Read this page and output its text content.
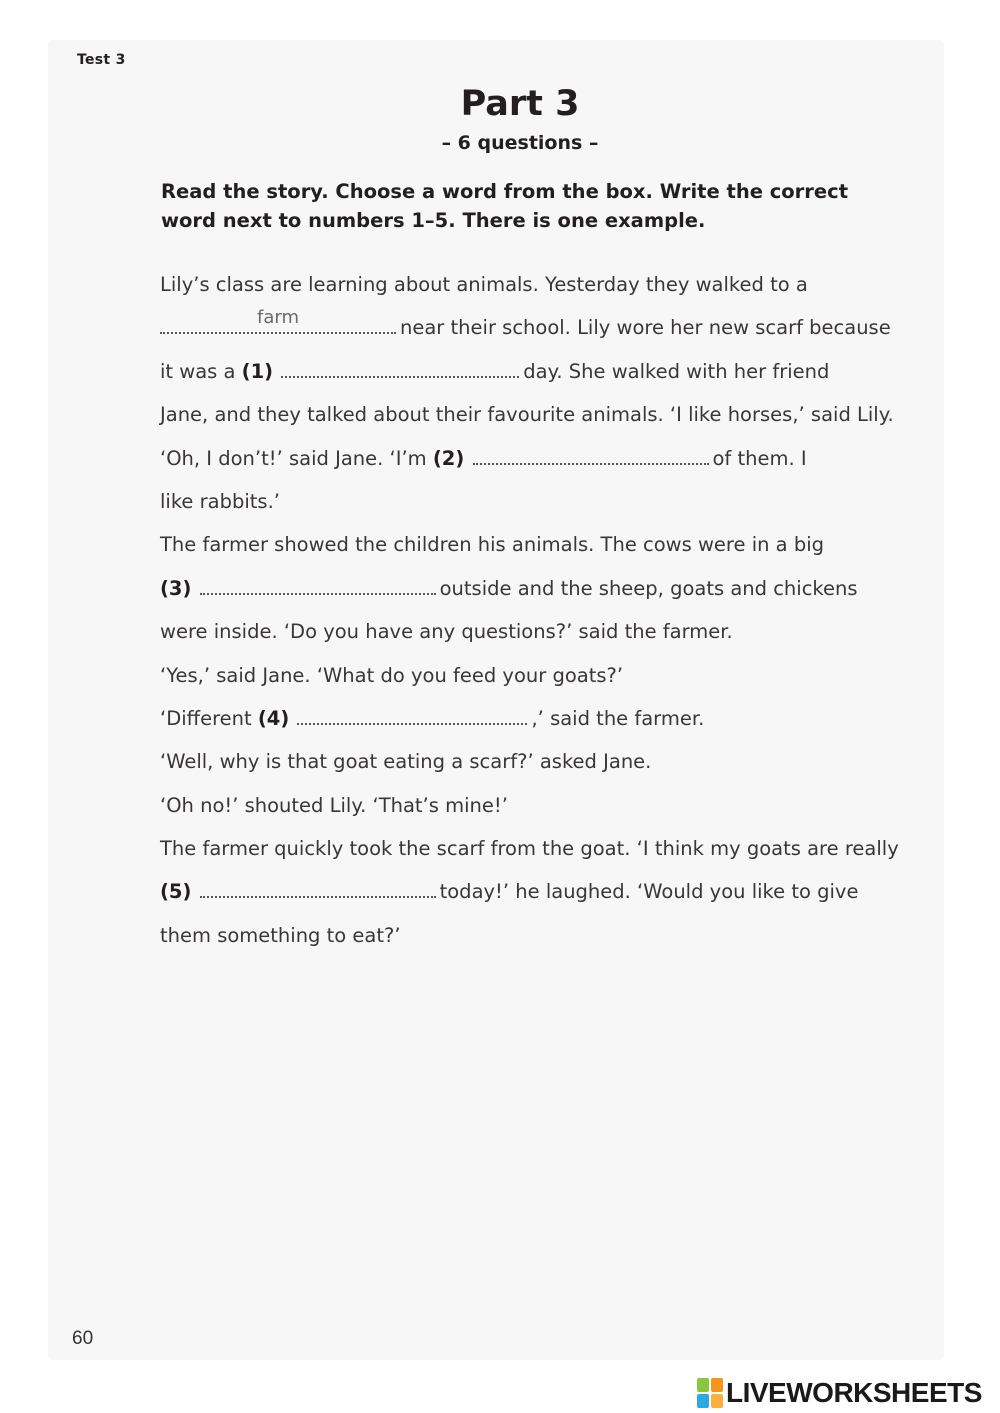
Test 3
Part 3
– 6 questions –

Read the story. Choose a word from the box. Write the correct word next to numbers 1–5. There is one example.

Lily’s class are learning about animals. Yesterday they walked to a
farm	near their school. Lily wore her new scarf because
it was a (1)	day. She walked with her friend
Jane, and they talked about their favourite animals. ‘I like horses,’ said Lily.
‘Oh, I don’t!’ said Jane. ‘I’m (2)	of them. I
like rabbits.’
The farmer showed the children his animals. The cows were in a big
(3)	outside and the sheep, goats and chickens
were inside. ‘Do you have any questions?’ said the farmer.
‘Yes,’ said Jane. ‘What do you feed your goats?’
‘Different (4)	,’ said the farmer.
‘Well, why is that goat eating a scarf?’ asked Jane.
‘Oh no!’ shouted Lily. ‘That’s mine!’
The farmer quickly took the scarf from the goat. ‘I think my goats are really
(5)	today!’ he laughed. ‘Would you like to give
them something to eat?’
60
LIVEWORKSHEETS
